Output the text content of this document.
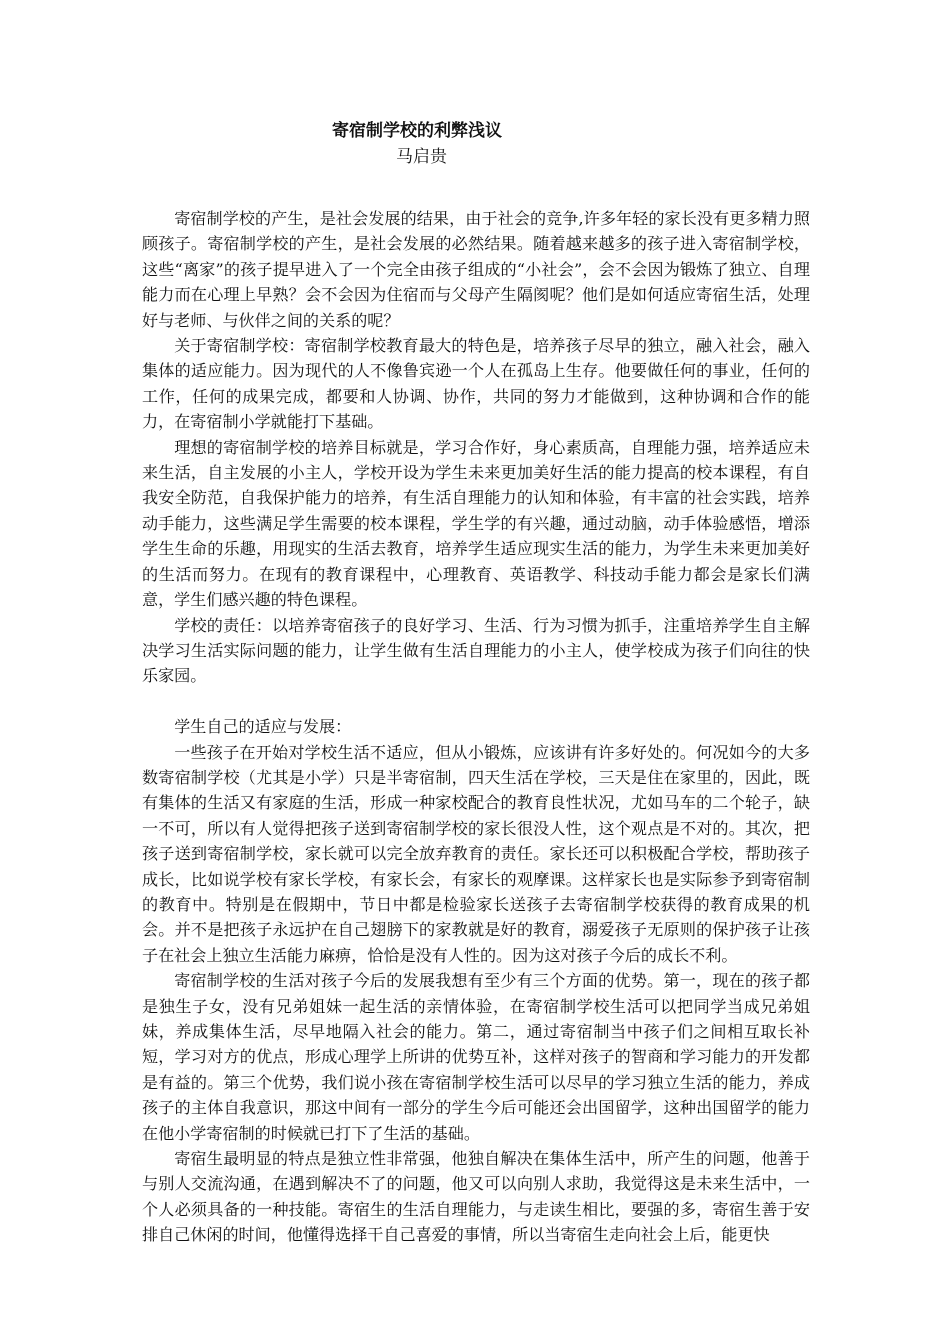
寄宿制学校的利弊浅议
马启贵

寄宿制学校的产生，是社会发展的结果，由于社会的竞争,许多年轻的家长没有更多精力照顾孩子。寄宿制学校的产生，是社会发展的必然结果。随着越来越多的孩子进入寄宿制学校，这些“离家”的孩子提早进入了一个完全由孩子组成的“小社会”，会不会因为锻炼了独立、自理能力而在心理上早熟？会不会因为住宿而与父母产生隔阂呢？他们是如何适应寄宿生活，处理好与老师、与伙伴之间的关系的呢？

关于寄宿制学校：寄宿制学校教育最大的特色是，培养孩子尽早的独立，融入社会，融入集体的适应能力。因为现代的人不像鲁宾逊一个人在孤岛上生存。他要做任何的事业，任何的工作，任何的成果完成，都要和人协调、协作，共同的努力才能做到，这种协调和合作的能力，在寄宿制小学就能打下基础。

理想的寄宿制学校的培养目标就是，学习合作好，身心素质高，自理能力强，培养适应未来生活，自主发展的小主人，学校开设为学生未来更加美好生活的能力提高的校本课程，有自我安全防范，自我保护能力的培养，有生活自理能力的认知和体验，有丰富的社会实践，培养动手能力，这些满足学生需要的校本课程，学生学的有兴趣，通过动脑，动手体验感悟，增添学生生命的乐趣，用现实的生活去教育，培养学生适应现实生活的能力，为学生未来更加美好的生活而努力。在现有的教育课程中，心理教育、英语教学、科技动手能力都会是家长们满意，学生们感兴趣的特色课程。

学校的责任：以培养寄宿孩子的良好学习、生活、行为习惯为抓手，注重培养学生自主解决学习生活实际问题的能力，让学生做有生活自理能力的小主人，使学校成为孩子们向往的快乐家园。

学生自己的适应与发展：

一些孩子在开始对学校生活不适应，但从小锻炼，应该讲有许多好处的。何况如今的大多数寄宿制学校（尤其是小学）只是半寄宿制，四天生活在学校，三天是住在家里的，因此，既有集体的生活又有家庭的生活，形成一种家校配合的教育良性状况，尤如马车的二个轮子，缺一不可，所以有人觉得把孩子送到寄宿制学校的家长很没人性，这个观点是不对的。其次，把孩子送到寄宿制学校，家长就可以完全放弃教育的责任。家长还可以积极配合学校，帮助孩子成长，比如说学校有家长学校，有家长会，有家长的观摩课。这样家长也是实际参予到寄宿制的教育中。特别是在假期中，节日中都是检验家长送孩子去寄宿制学校获得的教育成果的机会。并不是把孩子永远护在自己翅膀下的家教就是好的教育，溺爱孩子无原则的保护孩子让孩子在社会上独立生活能力麻痹，恰恰是没有人性的。因为这对孩子今后的成长不利。

寄宿制学校的生活对孩子今后的发展我想有至少有三个方面的优势。第一，现在的孩子都是独生子女，没有兄弟姐妹一起生活的亲情体验，在寄宿制学校生活可以把同学当成兄弟姐妹，养成集体生活，尽早地隔入社会的能力。第二，通过寄宿制当中孩子们之间相互取长补短，学习对方的优点，形成心理学上所讲的优势互补，这样对孩子的智商和学习能力的开发都是有益的。第三个优势，我们说小孩在寄宿制学校生活可以尽早的学习独立生活的能力，养成孩子的主体自我意识，那这中间有一部分的学生今后可能还会出国留学，这种出国留学的能力在他小学寄宿制的时候就已打下了生活的基础。

寄宿生最明显的特点是独立性非常强，他独自解决在集体生活中，所产生的问题，他善于与别人交流沟通，在遇到解决不了的问题，他又可以向别人求助，我觉得这是未来生活中，一个人必须具备的一种技能。寄宿生的生活自理能力，与走读生相比，要强的多，寄宿生善于安排自己休闲的时间，他懂得选择干自己喜爱的事情，所以当寄宿生走向社会上后，能更快
